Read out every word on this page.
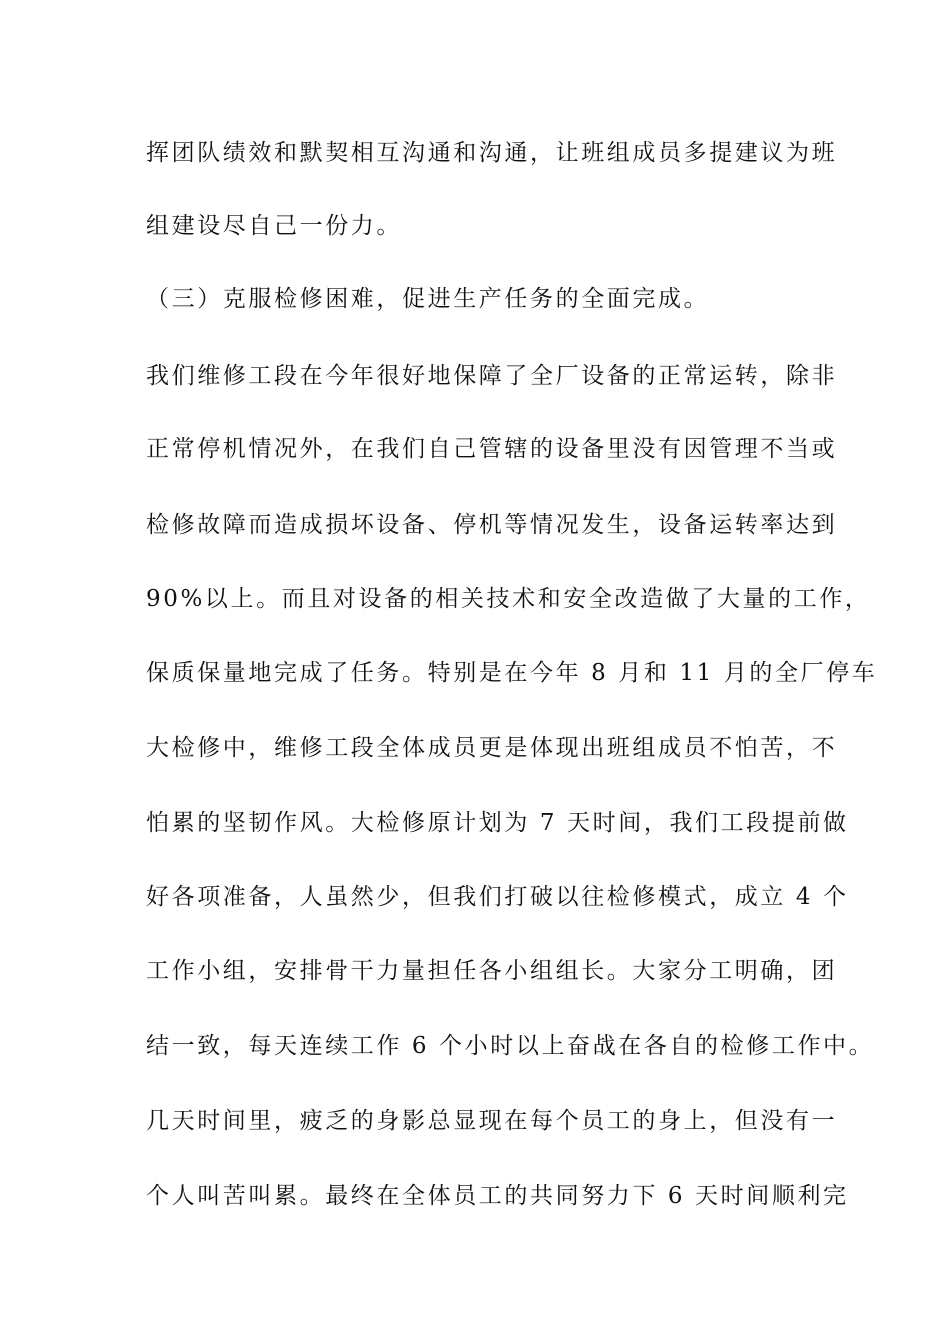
挥团队绩效和默契相互沟通和沟通，让班组成员多提建议为班
组建设尽自己一份力。
（三）克服检修困难，促进生产任务的全面完成。
我们维修工段在今年很好地保障了全厂设备的正常运转，除非
正常停机情况外，在我们自己管辖的设备里没有因管理不当或
检修故障而造成损坏设备、停机等情况发生，设备运转率达到
90%以上。而且对设备的相关技术和安全改造做了大量的工作，
保质保量地完成了任务。特别是在今年 8 月和 11 月的全厂停车
大检修中，维修工段全体成员更是体现出班组成员不怕苦，不
怕累的坚韧作风。大检修原计划为 7 天时间，我们工段提前做
好各项准备，人虽然少，但我们打破以往检修模式，成立 4 个
工作小组，安排骨干力量担任各小组组长。大家分工明确，团
结一致，每天连续工作 6 个小时以上奋战在各自的检修工作中。
几天时间里，疲乏的身影总显现在每个员工的身上，但没有一
个人叫苦叫累。最终在全体员工的共同努力下 6 天时间顺利完
